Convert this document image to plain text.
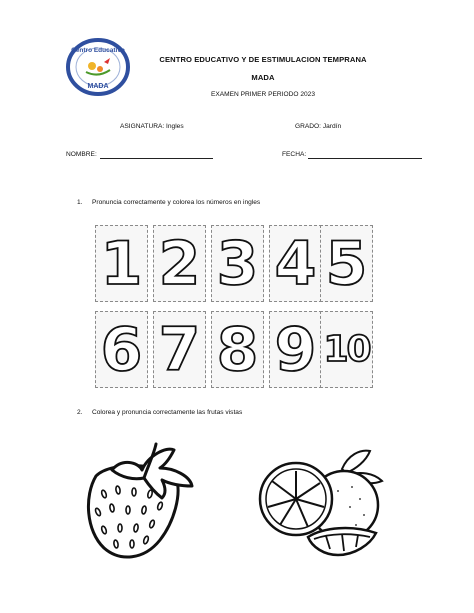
Centro Educativo
MADA
CENTRO EDUCATIVO Y DE ESTIMULACION TEMPRANA
MADA
EXAMEN PRIMER PERIODO 2023
ASIGNATURA: Ingles	GRADO: Jardín
NOMBRE:	FECHA:
1. Pronuncia correctamente y colorea los números en ingles
1 2 3 4 5
6 7 8 9 10
2. Colorea y pronuncia correctamente las frutas vistas
